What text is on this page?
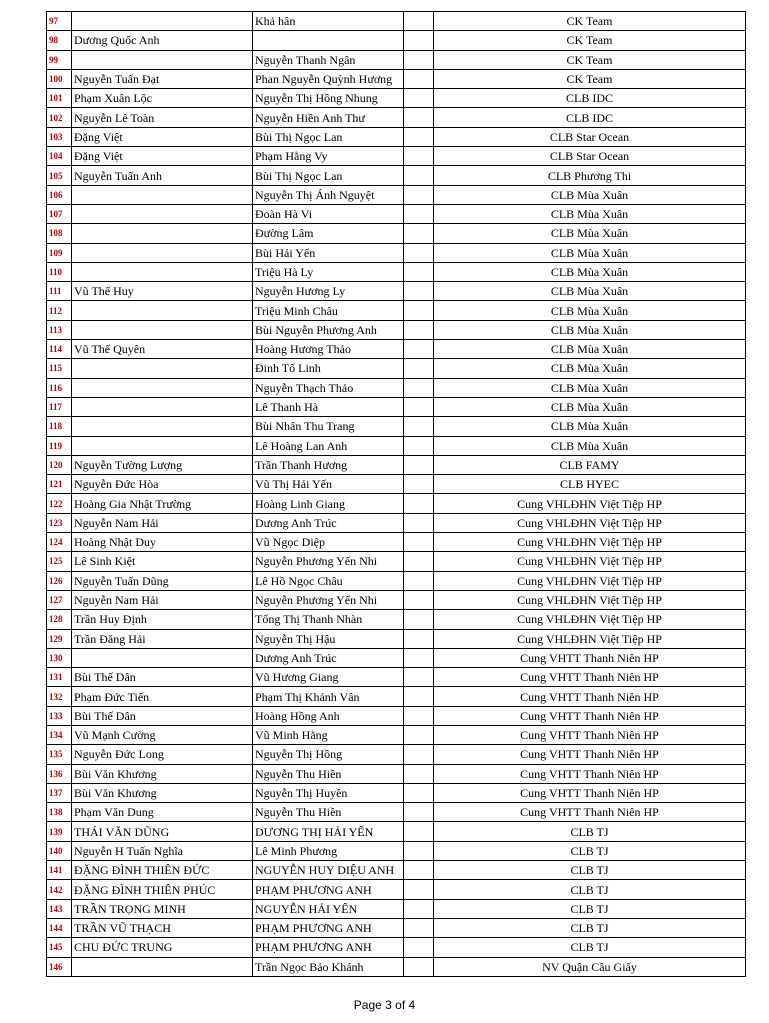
97		Khả hân		CK Team
98	Dương Quốc Anh			CK Team
99		Nguyễn Thanh Ngân		CK Team
100	Nguyễn Tuấn Đạt	Phan Nguyễn Quỳnh Hương		CK Team
101	Phạm Xuân Lộc	Nguyễn Thị Hồng Nhung		CLB IDC
102	Nguyễn Lê Toàn	Nguyễn Hiền Anh Thư		CLB IDC
103	Đặng Việt	Bùi Thị Ngọc Lan		CLB Star Ocean
104	Đặng Việt	Phạm Hằng Vy		CLB Star Ocean
105	Nguyễn Tuấn Anh	Bùi Thị Ngọc Lan		CLB Phương Thi
106		Nguyễn Thị Ánh Nguyệt		CLB Mùa Xuân
107		Đoàn Hà Vi		CLB Mùa Xuân
108		Đường Lâm		CLB Mùa Xuân
109		Bùi Hải Yến		CLB Mùa Xuân
110		Triệu Hà Ly		CLB Mùa Xuân
111	Vũ Thế Huy	Nguyễn Hương Ly		CLB Mùa Xuân
112		Triệu Minh Châu		CLB Mùa Xuân
113		Bùi Nguyễn Phương Anh		CLB Mùa Xuân
114	Vũ Thế Quyên	Hoàng Hương Thảo		CLB Mùa Xuân
115		Đinh Tố Linh		CLB Mùa Xuân
116		Nguyễn Thạch Thảo		CLB Mùa Xuân
117		Lê Thanh Hà		CLB Mùa Xuân
118		Bùi Nhân Thu Trang		CLB Mùa Xuân
119		Lê Hoàng Lan Anh		CLB Mùa Xuân
120	Nguyễn Tường Lượng	Trần Thanh Hương		CLB FAMY
121	Nguyễn Đức Hòa	Vũ Thị Hải Yến		CLB HYEC
122	Hoàng Gia Nhật Trường	Hoàng Linh Giang		Cung VHLĐHN Việt Tiệp HP
123	Nguyễn Nam Hải	Dương Anh Trúc		Cung VHLĐHN Việt Tiệp HP
124	Hoàng Nhật Duy	Vũ Ngọc Diệp		Cung VHLĐHN Việt Tiệp HP
125	Lê Sinh Kiệt	Nguyễn Phương Yến Nhi		Cung VHLĐHN Việt Tiệp HP
126	Nguyễn Tuấn Dũng	Lê Hồ Ngọc Châu		Cung VHLĐHN Việt Tiệp HP
127	Nguyễn Nam Hải	Nguyễn Phương Yến Nhi		Cung VHLĐHN Việt Tiệp HP
128	Trần Huy Định	Tống Thị Thanh Nhàn		Cung VHLĐHN Việt Tiệp HP
129	Trần Đăng Hải	Nguyễn Thị Hậu		Cung VHLĐHN Việt Tiệp HP
130		Dương Anh Trúc		Cung VHTT Thanh Niên HP
131	Bùi Thế Dân	Vũ Hương Giang		Cung VHTT Thanh Niên HP
132	Phạm Đức Tiến	Phạm Thị Khánh Vân		Cung VHTT Thanh Niên HP
133	Bùi Thế Dân	Hoàng Hồng Anh		Cung VHTT Thanh Niên HP
134	Vũ Mạnh Cường	Vũ Minh Hằng		Cung VHTT Thanh Niên HP
135	Nguyễn Đức Long	Nguyễn Thị Hồng		Cung VHTT Thanh Niên HP
136	Bùi Văn Khương	Nguyễn Thu Hiền		Cung VHTT Thanh Niên HP
137	Bùi Văn Khương	Nguyễn Thị Huyền		Cung VHTT Thanh Niên HP
138	Phạm Văn Dung	Nguyễn Thu Hiền		Cung VHTT Thanh Niên HP
139	THÁI VĂN DŨNG	DƯƠNG THỊ HẢI YẾN		CLB TJ
140	Nguyễn H Tuấn Nghĩa	Lê Minh Phương		CLB TJ
141	ĐẶNG ĐÌNH THIÊN ĐỨC	NGUYỄN HUY DIỆU ANH		CLB TJ
142	ĐẶNG ĐÌNH THIÊN PHÚC	PHẠM PHƯƠNG ANH		CLB TJ
143	TRẦN TRỌNG MINH	NGUYỄN HẢI YẾN		CLB TJ
144	TRẦN VŨ THẠCH	PHẠM PHƯƠNG ANH		CLB TJ
145	CHU ĐỨC TRUNG	PHẠM PHƯƠNG ANH		CLB TJ
146		Trần Ngọc Bảo Khánh		NV Quận Cầu Giấy
Page 3 of 4
